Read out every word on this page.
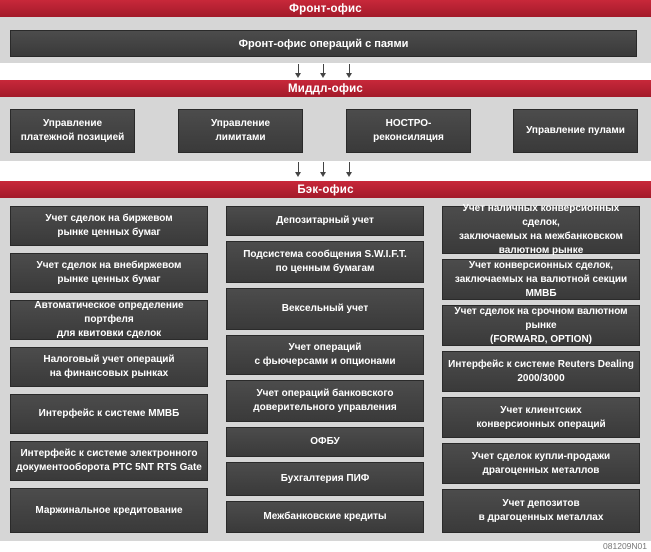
Фронт-офис
Фронт-офис операций с паями
Миддл-офис
Управление
платежной позицией
Управление
лимитами
НОСТРО-
реконсиляция
Управление пулами
Бэк-офис
Учет сделок на биржевом
рынке ценных бумаг
Учет сделок на внебиржевом
рынке ценных бумаг
Автоматическое определение портфеля
для квитовки сделок
Налоговый учет операций
на финансовых рынках
Интерфейс к системе ММВБ
Интерфейс к системе электронного
документооборота РТС 5NT RTS Gate
Маржинальное кредитование
Депозитарный учет
Подсистема сообщения S.W.I.F.T.
по ценным бумагам
Вексельный учет
Учет операций
с фьючерсами и опционами
Учет операций банковского
доверительного управления
ОФБУ
Бухгалтерия ПИФ
Межбанковские кредиты
Учет наличных конверсионных сделок,
заключаемых на межбанковском
валютном рынке
Учет конверсионных сделок,
заключаемых на валютной секции ММВБ
Учет сделок на срочном валютном рынке
(FORWARD, OPTION)
Интерфейс к системе Reuters Dealing
2000/3000
Учет клиентских
конверсионных операций
Учет сделок купли-продажи
драгоценных металлов
Учет депозитов
в драгоценных металлах
081209N01
